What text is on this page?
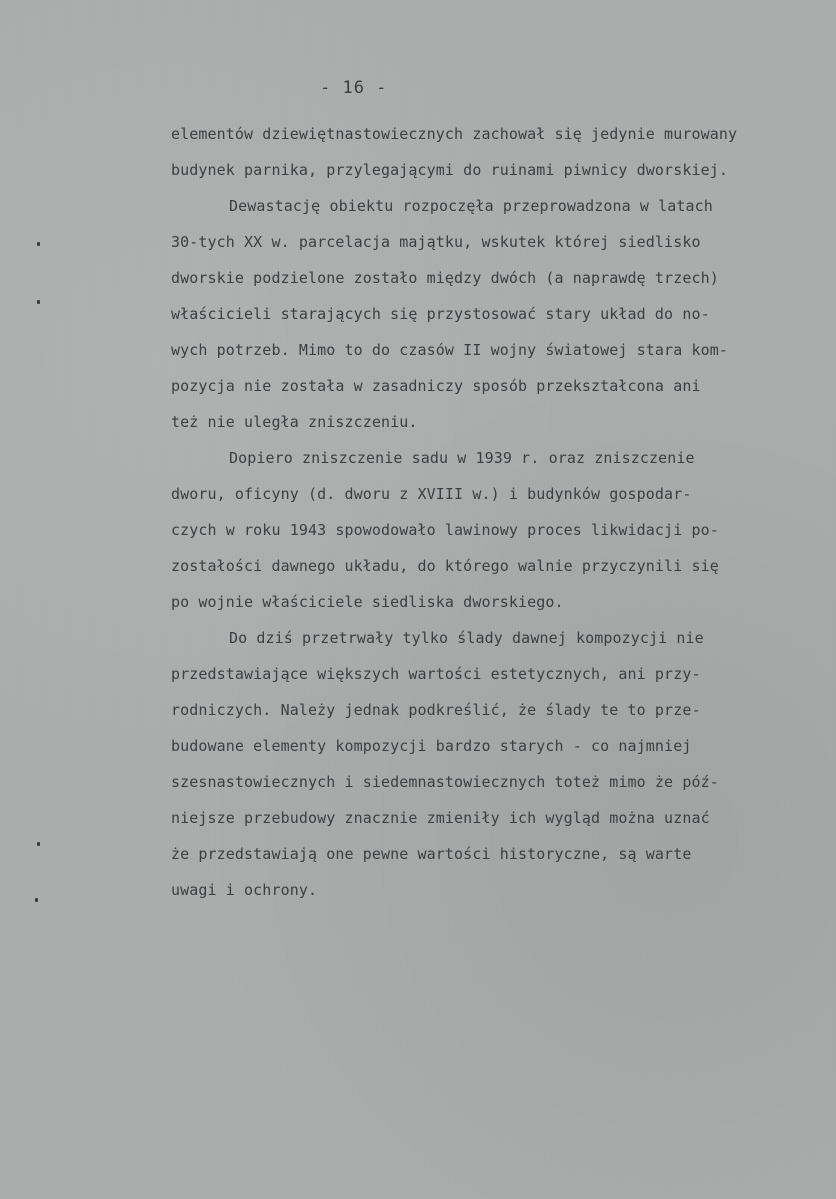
- 16 -
elementów dziewiętnastowiecznych zachował się jedynie murowany
budynek parnika, przylegającymi do ruinami piwnicy dworskiej.
Dewastację obiektu rozpoczęła przeprowadzona w latach
30-tych XX w. parcelacja majątku, wskutek której siedlisko
dworskie podzielone zostało między dwóch (a naprawdę trzech)
właścicieli starających się przystosować stary układ do no-
wych potrzeb. Mimo to do czasów II wojny światowej stara kom-
pozycja nie została w zasadniczy sposób przekształcona ani
też nie uległa zniszczeniu.
Dopiero zniszczenie sadu w 1939 r. oraz zniszczenie
dworu, oficyny (d. dworu z XVIII w.) i budynków gospodar-
czych w roku 1943 spowodowało lawinowy proces likwidacji po-
zostałości dawnego układu, do którego walnie przyczynili się
po wojnie właściciele siedliska dworskiego.
Do dziś przetrwały tylko ślady dawnej kompozycji nie
przedstawiające większych wartości estetycznych, ani przy-
rodniczych. Należy jednak podkreślić, że ślady te to prze-
budowane elementy kompozycji bardzo starych - co najmniej
szesnastowiecznych i siedemnastowiecznych toteż mimo że póź-
niejsze przebudowy znacznie zmieniły ich wygląd można uznać
że przedstawiają one pewne wartości historyczne, są warte
uwagi i ochrony.
